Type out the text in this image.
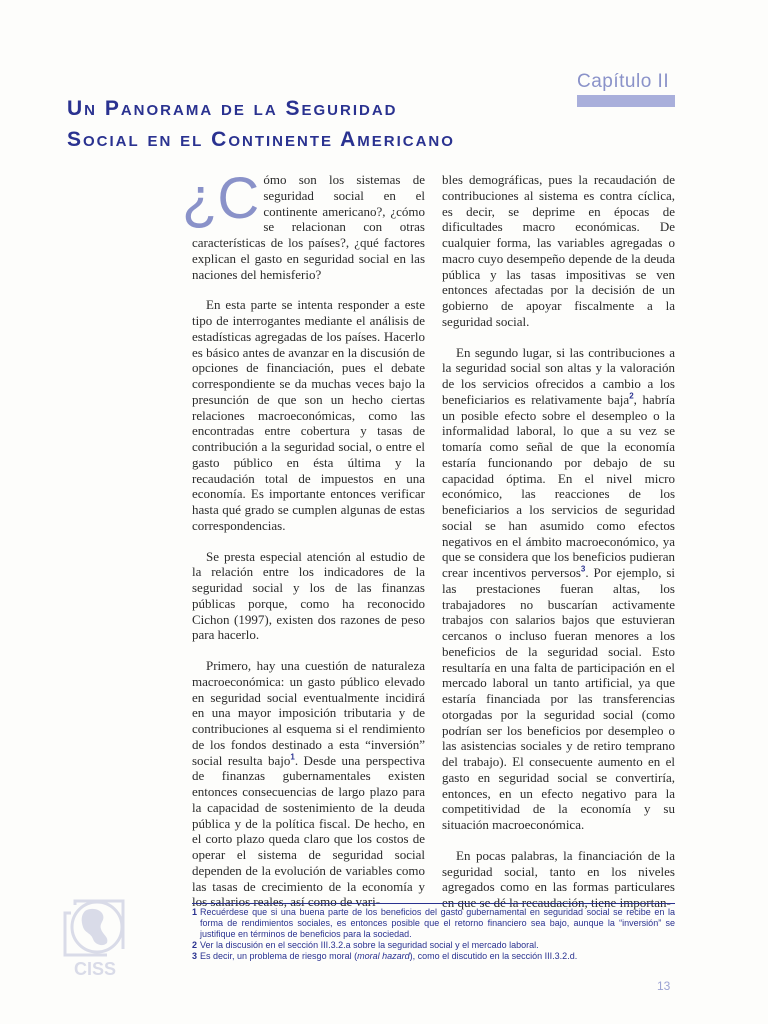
Capítulo II
Un Panorama de la Seguridad
Social en el Continente Americano

¿C ómo son los sistemas de seguridad social en el continente americano?, ¿cómo se relacionan con otras características de los países?, ¿qué factores explican el gasto en seguridad social en las naciones del hemisferio?

En esta parte se intenta responder a este tipo de interrogantes mediante el análisis de estadísticas agregadas de los países. Hacerlo es básico antes de avanzar en la discusión de opciones de financiación, pues el debate correspondiente se da muchas veces bajo la presunción de que son un hecho ciertas relaciones macroeconómicas, como las encontradas entre cobertura y tasas de contribución a la seguridad social, o entre el gasto público en ésta última y la recaudación total de impuestos en una economía. Es importante entonces verificar hasta qué grado se cumplen algunas de estas correspondencias.

Se presta especial atención al estudio de la relación entre los indicadores de la seguridad social y los de las finanzas públicas porque, como ha reconocido Cichon (1997), existen dos razones de peso para hacerlo.

Primero, hay una cuestión de naturaleza macroeconómica: un gasto público elevado en seguridad social eventualmente incidirá en una mayor imposición tributaria y de contribuciones al esquema si el rendimiento de los fondos destinado a esta “inversión” social resulta bajo$^1$. Desde una perspectiva de finanzas gubernamentales existen entonces consecuencias de largo plazo para la capacidad de sostenimiento de la deuda pública y de la política fiscal. De hecho, en el corto plazo queda claro que los costos de operar el sistema de seguridad social dependen de la evolución de variables como las tasas de crecimiento de la economía y los salarios reales, así como de vari-

bles demográficas, pues la recaudación de contribuciones al sistema es contra cíclica, es decir, se deprime en épocas de dificultades macro económicas. De cualquier forma, las variables agregadas o macro cuyo desempeño depende de la deuda pública y las tasas impositivas se ven entonces afectadas por la decisión de un gobierno de apoyar fiscalmente a la seguridad social.

En segundo lugar, si las contribuciones a la seguridad social son altas y la valoración de los servicios ofrecidos a cambio a los beneficiarios es relativamente baja$^2$, habría un posible efecto sobre el desempleo o la informalidad laboral, lo que a su vez se tomaría como señal de que la economía estaría funcionando por debajo de su capacidad óptima. En el nivel micro económico, las reacciones de los beneficiarios a los servicios de seguridad social se han asumido como efectos negativos en el ámbito macroeconómico, ya que se considera que los beneficios pudieran crear incentivos perversos$^3$. Por ejemplo, si las prestaciones fueran altas, los trabajadores no buscarían activamente trabajos con salarios bajos que estuvieran cercanos o incluso fueran menores a los beneficios de la seguridad social. Esto resultaría en una falta de participación en el mercado laboral un tanto artificial, ya que estaría financiada por las transferencias otorgadas por la seguridad social (como podrían ser los beneficios por desempleo o las asistencias sociales y de retiro temprano del trabajo). El consecuente aumento en el gasto en seguridad social se convertiría, entonces, en un efecto negativo para la competitividad de la economía y su situación macroeconómica.

En pocas palabras, la financiación de la seguridad social, tanto en los niveles agregados como en las formas particulares en que se dé la recaudación, tiene importan-

1 Recuérdese que si una buena parte de los beneficios del gasto gubernamental en seguridad social se recibe en la forma de rendimientos sociales, es entonces posible que el retorno financiero sea bajo, aunque la “inversión” se justifique en términos de beneficios para la sociedad.
2 Ver la discusión en el sección III.3.2.a sobre la seguridad social y el mercado laboral.
3 Es decir, un problema de riesgo moral (moral hazard), como el discutido en la sección III.3.2.d.
CISS
13
